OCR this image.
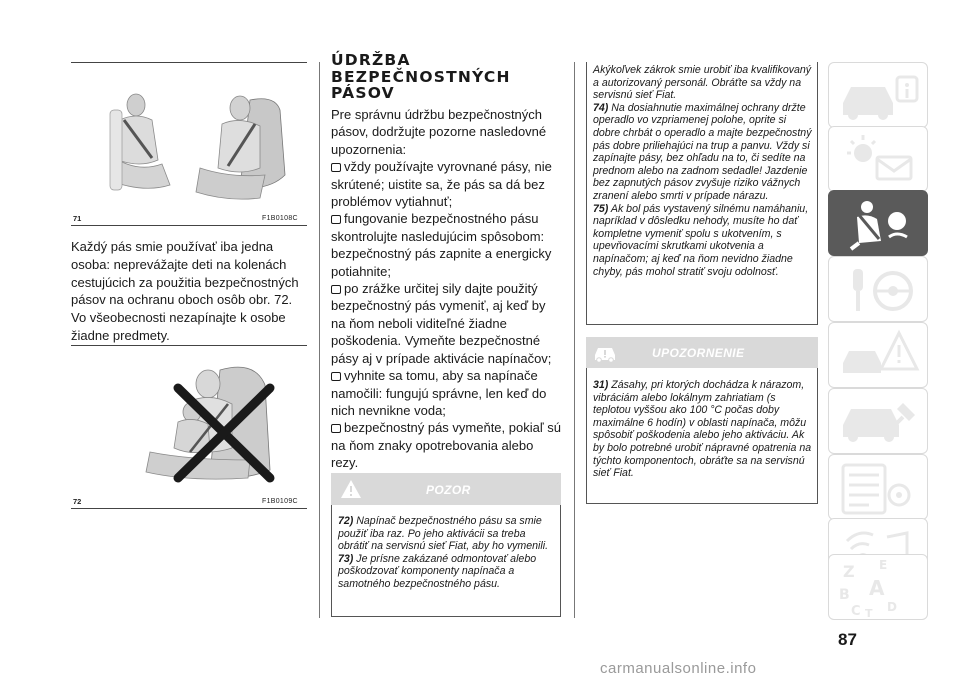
71	F1B0108C
Každý pás smie používať iba jedna osoba: neprevážajte deti na kolenách cestujúcich za použitia bezpečnostných pásov na ochranu oboch osôb obr. 72. Vo všeobecnosti nezapínajte k osobe žiadne predmety.
72	F1B0109C
ÚDRŽBA
BEZPEČNOSTNÝCH
PÁSOV

Pre správnu údržbu bezpečnostných pásov, dodržujte pozorne nasledovné upozornenia:

vždy používajte vyrovnané pásy, nie skrútené; uistite sa, že pás sa dá bez problémov vytiahnuť;
fungovanie bezpečnostného pásu skontrolujte nasledujúcim spôsobom: bezpečnostný pás zapnite a energicky potiahnite;
po zrážke určitej sily dajte použitý bezpečnostný pás vymeniť, aj keď by na ňom neboli viditeľné žiadne poškodenia. Vymeňte bezpečnostné pásy aj v prípade aktivácie napínačov;
vyhnite sa tomu, aby sa napínače namočili: fungujú správne, len keď do nich nevnikne voda;
bezpečnostný pás vymeňte, pokiaľ sú na ňom znaky opotrebovania alebo rezy.
POZOR
72) Napínač bezpečnostného pásu sa smie použiť iba raz. Po jeho aktivácii sa treba obrátiť na servisnú sieť Fiat, aby ho vymenili.
73) Je prísne zakázané odmontovať alebo poškodzovať komponenty napínača a samotného bezpečnostného pásu.
Akýkoľvek zákrok smie urobiť iba kvalifikovaný a autorizovaný personál. Obráťte sa vždy na servisnú sieť Fiat.
74) Na dosiahnutie maximálnej ochrany držte operadlo vo vzpriamenej polohe, oprite si dobre chrbát o operadlo a majte bezpečnostný pás dobre priliehajúci na trup a panvu. Vždy si zapínajte pásy, bez ohľadu na to, či sedíte na prednom alebo na zadnom sedadle! Jazdenie bez zapnutých pásov zvyšuje riziko vážnych zranení alebo smrti v prípade nárazu.
75) Ak bol pás vystavený silnému namáhaniu, napríklad v dôsledku nehody, musíte ho dať kompletne vymeniť spolu s ukotvením, s upevňovacími skrutkami ukotvenia a napínačom; aj keď na ňom nevidno žiadne chyby, pás mohol stratiť svoju odolnosť.
UPOZORNENIE
31) Zásahy, pri ktorých dochádza k nárazom, vibráciám alebo lokálnym zahriatiam (s teplotou vyššou ako 100 °C počas doby maximálne 6 hodín) v oblasti napínača, môžu spôsobiť poškodenia alebo jeho aktiváciu. Ak by bolo potrebné urobiť nápravné opatrenia na týchto komponentoch, obráťte sa na servisnú sieť Fiat.
Z E
B A
C T D
87
carmanualsonline.info
